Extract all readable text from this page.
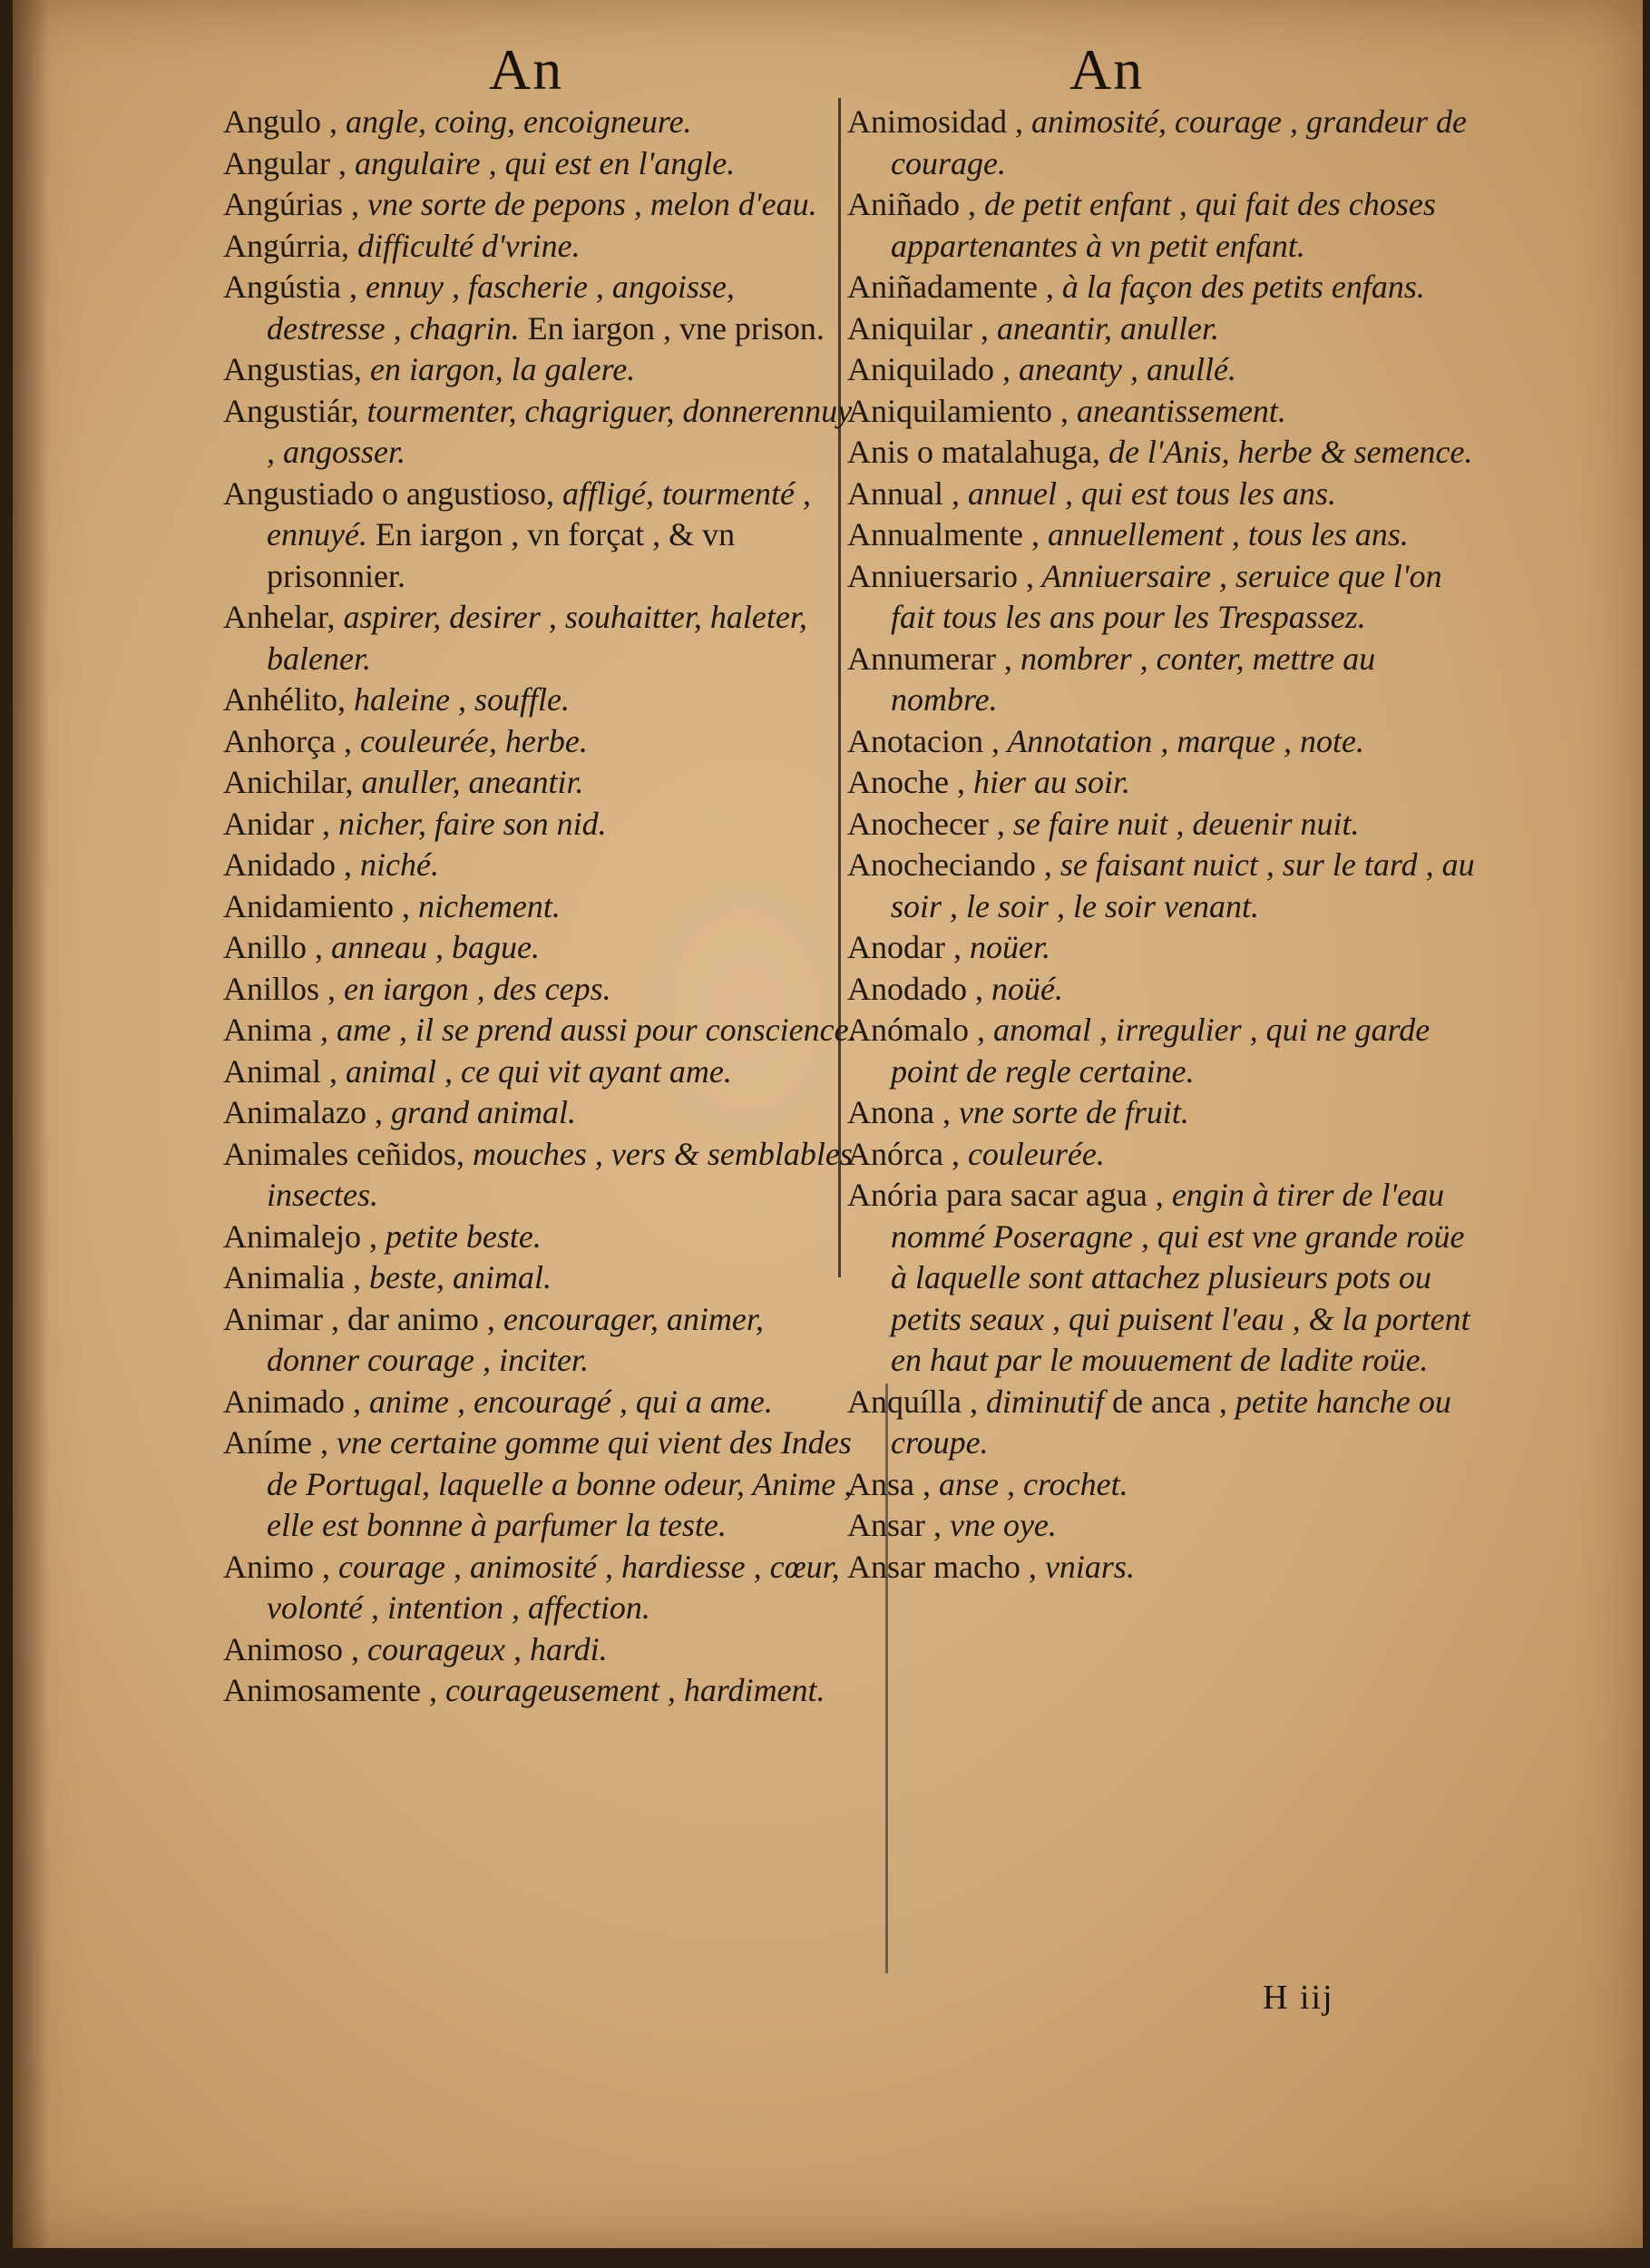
An	An

Angulo , angle, coing, encoigneure.

Angular , angulaire , qui est en l'angle.

Angúrias , vne sorte de pepons , melon d'eau.

Angúrria, difficulté d'vrine.

Angústia , ennuy , fascherie , angoisse, destresse , chagrin. En iargon , vne prison.

Angustias, en iargon, la galere.

Angustiár, tourmenter, chagriguer, donnerennuy , angosser.

Angustiado o angustioso, affligé, tourmenté , ennuyé. En iargon , vn forçat , & vn prisonnier.

Anhelar, aspirer, desirer , souhaitter, haleter, balener.

Anhélito, haleine , souffle.

Anhorça , couleurée, herbe.

Anichilar, anuller, aneantir.

Anidar , nicher, faire son nid.

Anidado , niché.

Anidamiento , nichement.

Anillo , anneau , bague.

Anillos , en iargon , des ceps.

Anima , ame , il se prend aussi pour conscience.

Animal , animal , ce qui vit ayant ame.

Animalazo , grand animal.

Animales ceñidos, mouches , vers & semblables insectes.

Animalejo , petite beste.

Animalia , beste, animal.

Animar , dar animo , encourager, animer, donner courage , inciter.

Animado , anime , encouragé , qui a ame.

Aníme , vne certaine gomme qui vient des Indes de Portugal, laquelle a bonne odeur, Anime , elle est bonnne à parfumer la teste.

Animo , courage , animosité , hardiesse , cœur, volonté , intention , affection.

Animoso , courageux , hardi.

Animosamente , courageusement , hardiment.

Animosidad , animosité, courage , grandeur de courage.

Aniñado , de petit enfant , qui fait des choses appartenantes à vn petit enfant.

Aniñadamente , à la façon des petits enfans.

Aniquilar , aneantir, anuller.

Aniquilado , aneanty , anullé.

Aniquilamiento , aneantissement.

Anis o matalahuga, de l'Anis, herbe & semence.

Annual , annuel , qui est tous les ans.

Annualmente , annuellement , tous les ans.

Anniuersario , Anniuersaire , seruice que l'on fait tous les ans pour les Trespassez.

Annumerar , nombrer , conter, mettre au nombre.

Anotacion , Annotation , marque , note.

Anoche , hier au soir.

Anochecer , se faire nuit , deuenir nuit.

Anocheciando , se faisant nuict , sur le tard , au soir , le soir , le soir venant.

Anodar , noüer.

Anodado , noüé.

Anómalo , anomal , irregulier , qui ne garde point de regle certaine.

Anona , vne sorte de fruit.

Anórca , couleurée.

Anória para sacar agua , engin à tirer de l'eau nommé Poseragne , qui est vne grande roüe à laquelle sont attachez plusieurs pots ou petits seaux , qui puisent l'eau , & la portent en haut par le mouuement de ladite roüe.

Anquílla , diminutif de anca , petite hanche ou croupe.

Ansa , anse , crochet.

Ansar , vne oye.

Ansar macho , vniars.

H iij
